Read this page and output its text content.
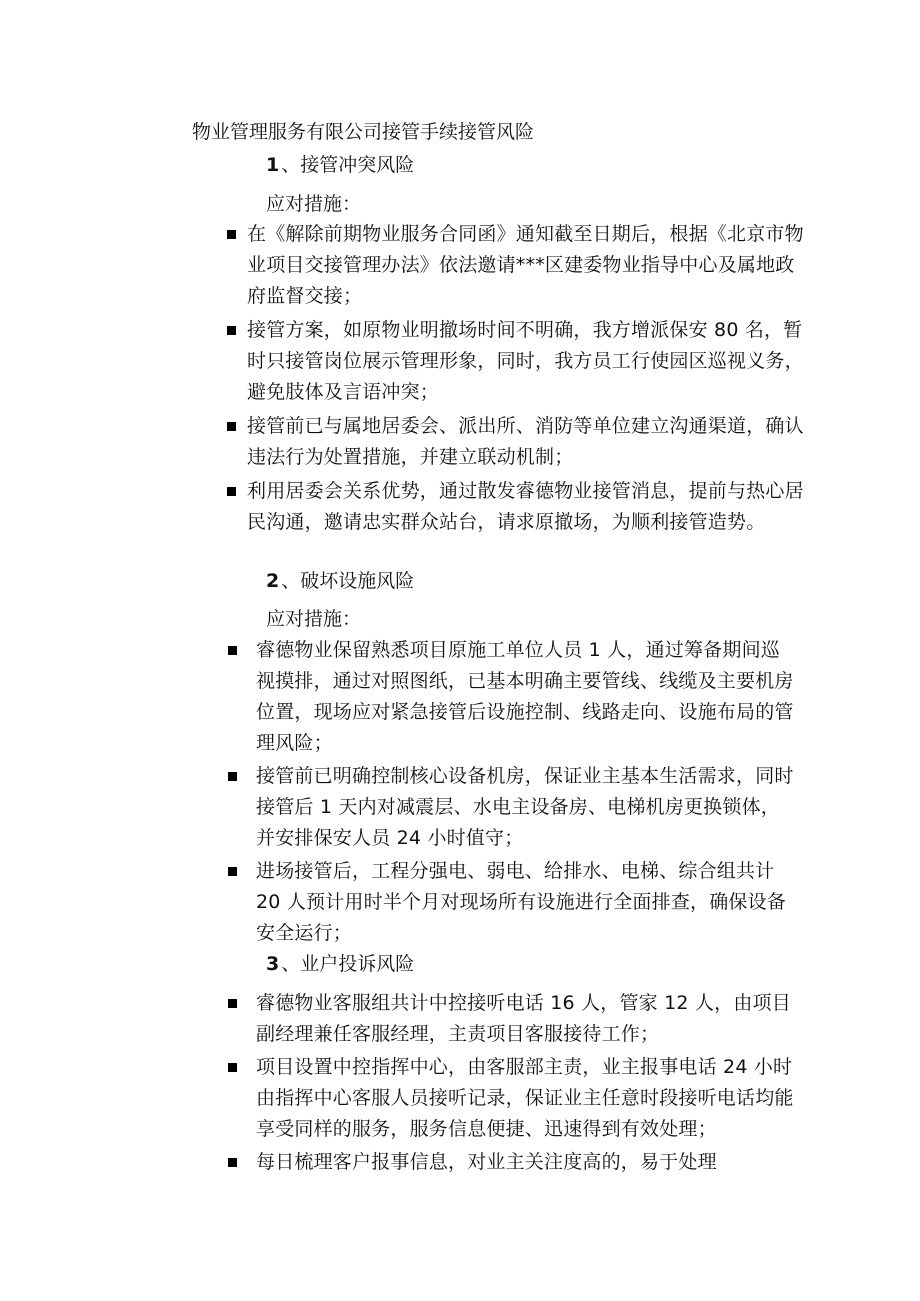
物业管理服务有限公司接管手续接管风险
1 、接管冲突风险
应对措施：
在《解除前期物业服务合同函》通知截至日期后，根据《北京市物业项目交接管理办法》依法邀请***区建委物业指导中心及属地政府监督交接；
接管方案，如原物业明撤场时间不明确，我方增派保安 80 名，暂时只接管岗位展示管理形象，同时，我方员工行使园区巡视义务，避免肢体及言语冲突；
接管前已与属地居委会、派出所、消防等单位建立沟通渠道，确认违法行为处置措施，并建立联动机制；
利用居委会关系优势，通过散发睿德物业接管消息，提前与热心居民沟通，邀请忠实群众站台，请求原撤场，为顺利接管造势。
2 、破坏设施风险
应对措施：
睿德物业保留熟悉项目原施工单位人员 1 人，通过筹备期间巡视摸排，通过对照图纸，已基本明确主要管线、线缆及主要机房位置，现场应对紧急接管后设施控制、线路走向、设施布局的管理风险；
接管前已明确控制核心设备机房，保证业主基本生活需求，同时接管后 1 天内对减震层、水电主设备房、电梯机房更换锁体，并安排保安人员 24 小时值守；
进场接管后，工程分强电、弱电、给排水、电梯、综合组共计 20 人预计用时半个月对现场所有设施进行全面排查，确保设备安全运行；
3 、业户投诉风险
睿德物业客服组共计中控接听电话 16 人，管家 12 人，由项目副经理兼任客服经理，主责项目客服接待工作；
项目设置中控指挥中心，由客服部主责，业主报事电话 24 小时由指挥中心客服人员接听记录，保证业主任意时段接听电话均能享受同样的服务，服务信息便捷、迅速得到有效处理；
每日梳理客户报事信息，对业主关注度高的，易于处理
